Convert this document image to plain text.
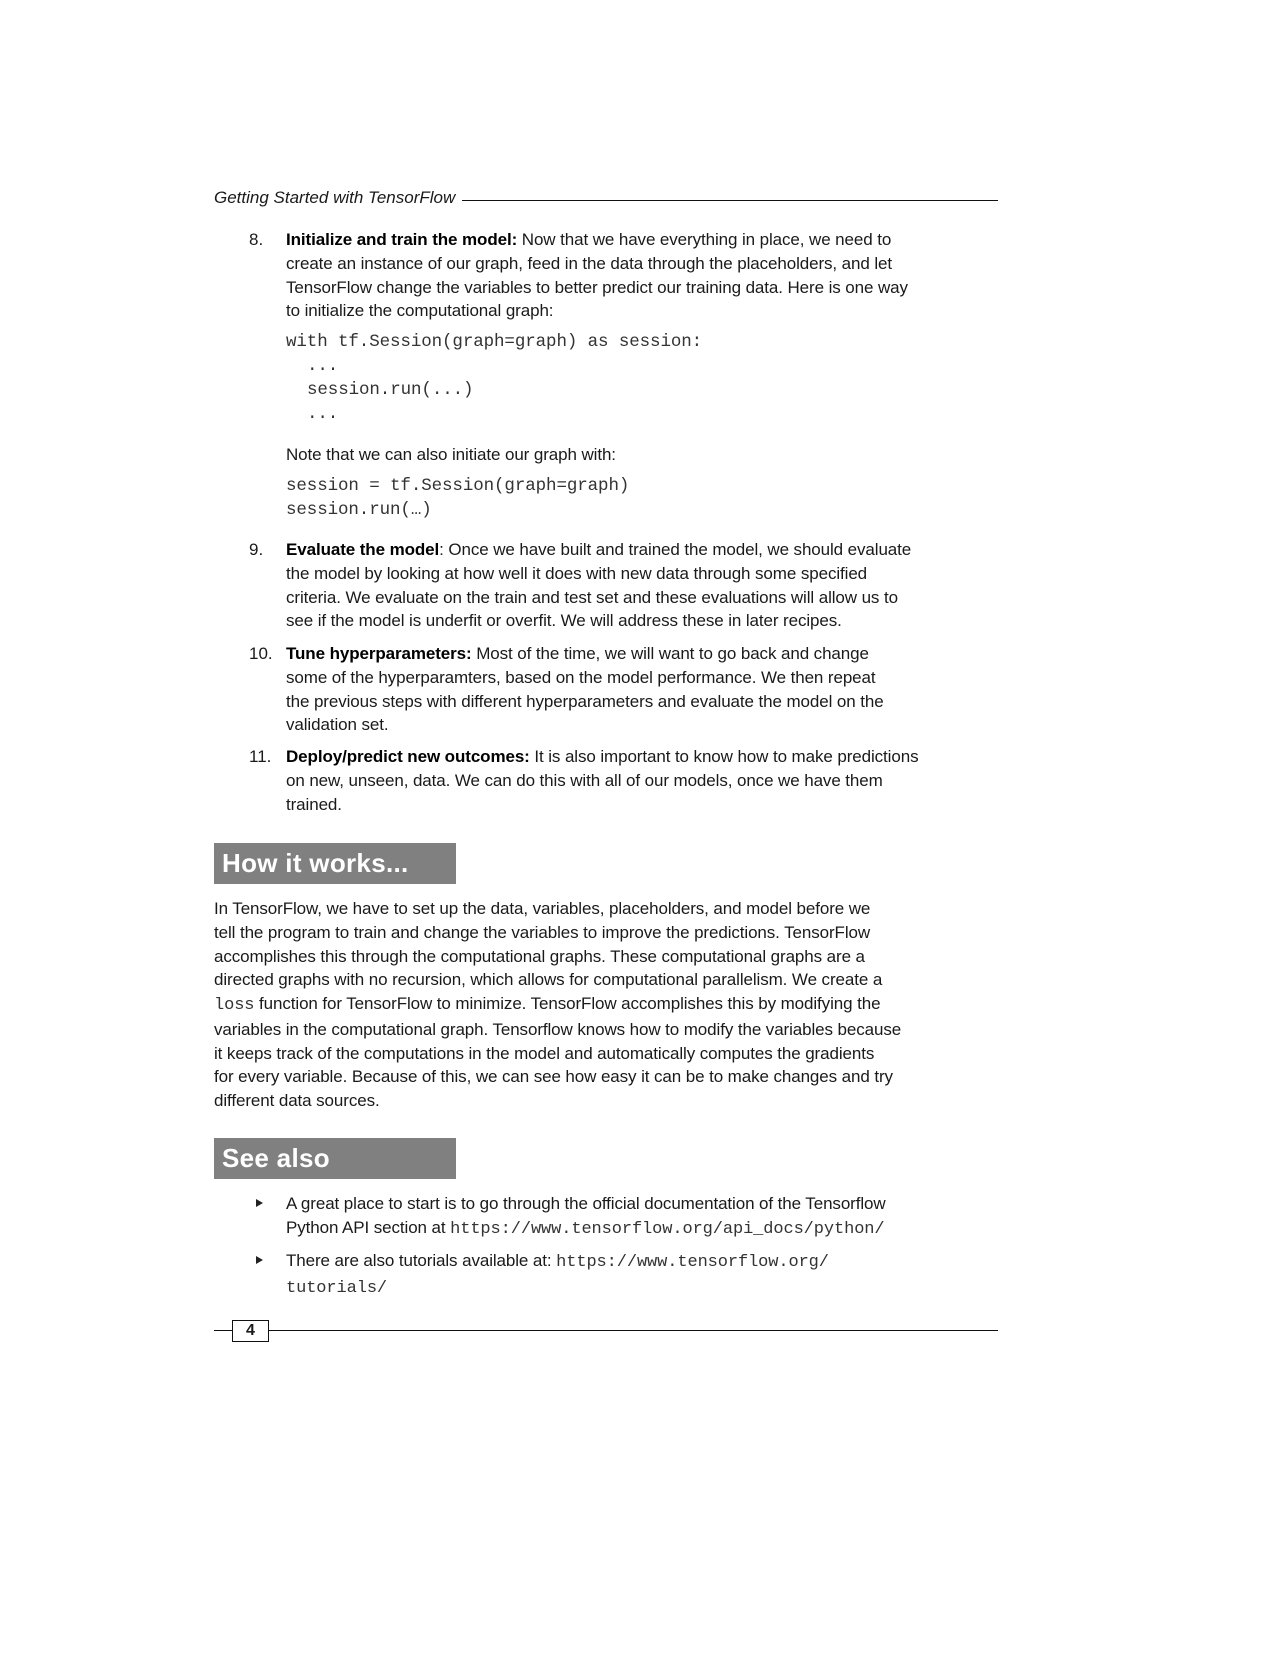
Getting Started with TensorFlow
8. Initialize and train the model: Now that we have everything in place, we need to
create an instance of our graph, feed in the data through the placeholders, and let
TensorFlow change the variables to better predict our training data. Here is one way
to initialize the computational graph:
with tf.Session(graph=graph) as session:
...
session.run(...)
...
Note that we can also initiate our graph with:
session = tf.Session(graph=graph)
session.run(…)
9. Evaluate the model: Once we have built and trained the model, we should evaluate
the model by looking at how well it does with new data through some specified
criteria. We evaluate on the train and test set and these evaluations will allow us to
see if the model is underfit or overfit. We will address these in later recipes.
10. Tune hyperparameters: Most of the time, we will want to go back and change
some of the hyperparamters, based on the model performance. We then repeat
the previous steps with different hyperparameters and evaluate the model on the
validation set.
11. Deploy/predict new outcomes: It is also important to know how to make predictions
on new, unseen, data. We can do this with all of our models, once we have them
trained.
How it works...
In TensorFlow, we have to set up the data, variables, placeholders, and model before we
tell the program to train and change the variables to improve the predictions. TensorFlow
accomplishes this through the computational graphs. These computational graphs are a
directed graphs with no recursion, which allows for computational parallelism. We create a
loss function for TensorFlow to minimize. TensorFlow accomplishes this by modifying the
variables in the computational graph. Tensorflow knows how to modify the variables because
it keeps track of the computations in the model and automatically computes the gradients
for every variable. Because of this, we can see how easy it can be to make changes and try
different data sources.
See also
A great place to start is to go through the official documentation of the Tensorflow
Python API section at https://www.tensorflow.org/api_docs/python/
There are also tutorials available at: https://www.tensorflow.org/
tutorials/
4
